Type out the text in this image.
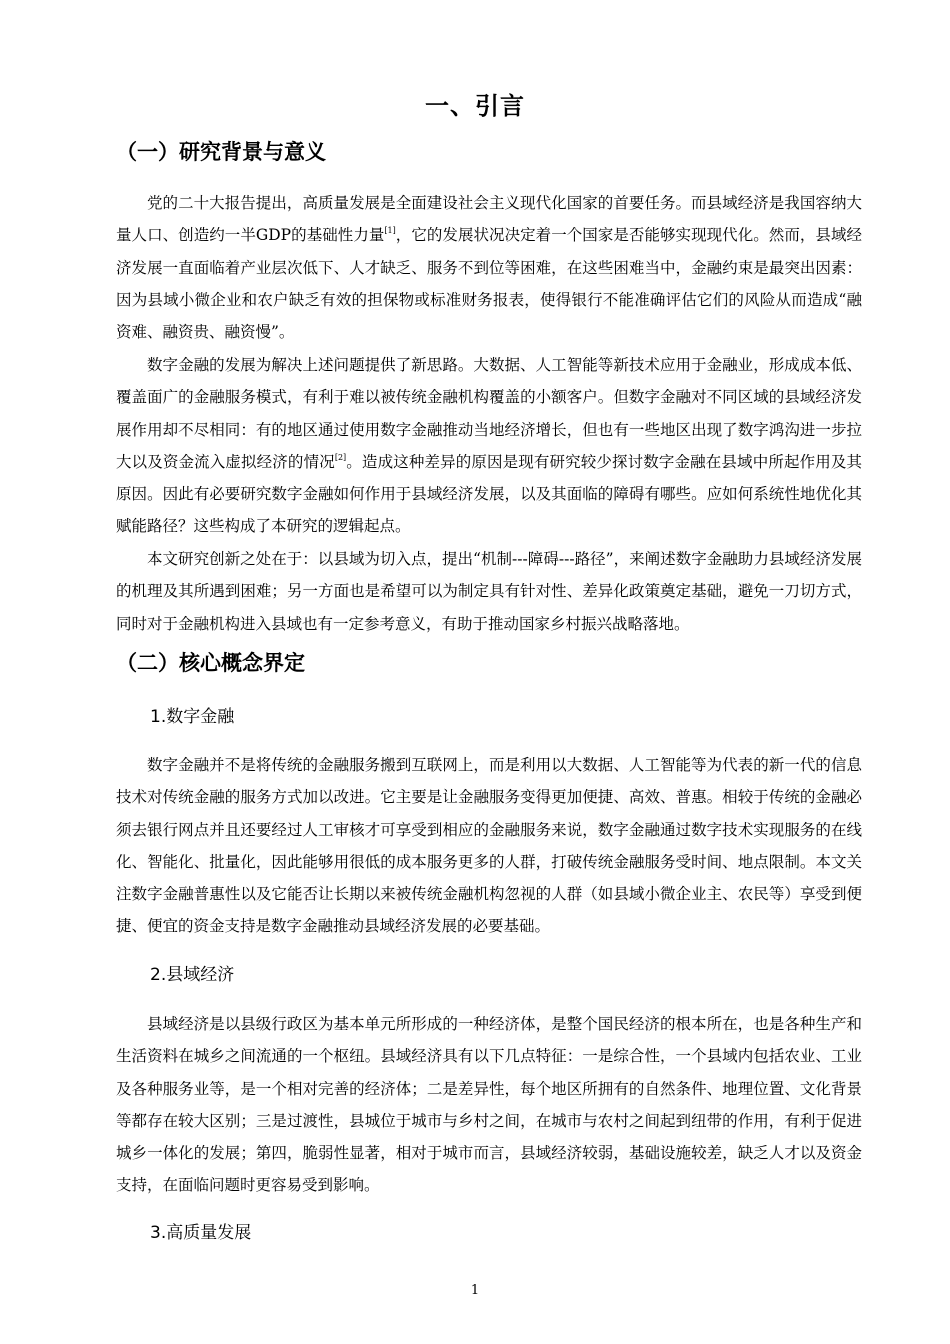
一、引言
（一）研究背景与意义

党的二十大报告提出，高质量发展是全面建设社会主义现代化国家的首要任务。而县域经济是我国容纳大量人口、创造约一半GDP的基础性力量[1]，它的发展状况决定着一个国家是否能够实现现代化。然而，县域经济发展一直面临着产业层次低下、人才缺乏、服务不到位等困难，在这些困难当中，金融约束是最突出因素：因为县域小微企业和农户缺乏有效的担保物或标准财务报表，使得银行不能准确评估它们的风险从而造成“融资难、融资贵、融资慢”。

数字金融的发展为解决上述问题提供了新思路。大数据、人工智能等新技术应用于金融业，形成成本低、覆盖面广的金融服务模式，有利于难以被传统金融机构覆盖的小额客户。但数字金融对不同区域的县域经济发展作用却不尽相同：有的地区通过使用数字金融推动当地经济增长，但也有一些地区出现了数字鸿沟进一步拉大以及资金流入虚拟经济的情况[2]。造成这种差异的原因是现有研究较少探讨数字金融在县域中所起作用及其原因。因此有必要研究数字金融如何作用于县域经济发展，以及其面临的障碍有哪些。应如何系统性地优化其赋能路径？这些构成了本研究的逻辑起点。

本文研究创新之处在于：以县域为切入点，提出“机制---障碍---路径”，来阐述数字金融助力县域经济发展的机理及其所遇到困难；另一方面也是希望可以为制定具有针对性、差异化政策奠定基础，避免一刀切方式，同时对于金融机构进入县域也有一定参考意义，有助于推动国家乡村振兴战略落地。

（二）核心概念界定
1.数字金融

数字金融并不是将传统的金融服务搬到互联网上，而是利用以大数据、人工智能等为代表的新一代的信息技术对传统金融的服务方式加以改进。它主要是让金融服务变得更加便捷、高效、普惠。相较于传统的金融必须去银行网点并且还要经过人工审核才可享受到相应的金融服务来说，数字金融通过数字技术实现服务的在线化、智能化、批量化，因此能够用很低的成本服务更多的人群，打破传统金融服务受时间、地点限制。本文关注数字金融普惠性以及它能否让长期以来被传统金融机构忽视的人群（如县域小微企业主、农民等）享受到便捷、便宜的资金支持是数字金融推动县域经济发展的必要基础。

2.县域经济

县域经济是以县级行政区为基本单元所形成的一种经济体，是整个国民经济的根本所在，也是各种生产和生活资料在城乡之间流通的一个枢纽。县域经济具有以下几点特征：一是综合性，一个县域内包括农业、工业及各种服务业等，是一个相对完善的经济体；二是差异性，每个地区所拥有的自然条件、地理位置、文化背景等都存在较大区别；三是过渡性，县城位于城市与乡村之间，在城市与农村之间起到纽带的作用，有利于促进城乡一体化的发展；第四，脆弱性显著，相对于城市而言，县域经济较弱，基础设施较差，缺乏人才以及资金支持，在面临问题时更容易受到影响。

3.高质量发展
1
